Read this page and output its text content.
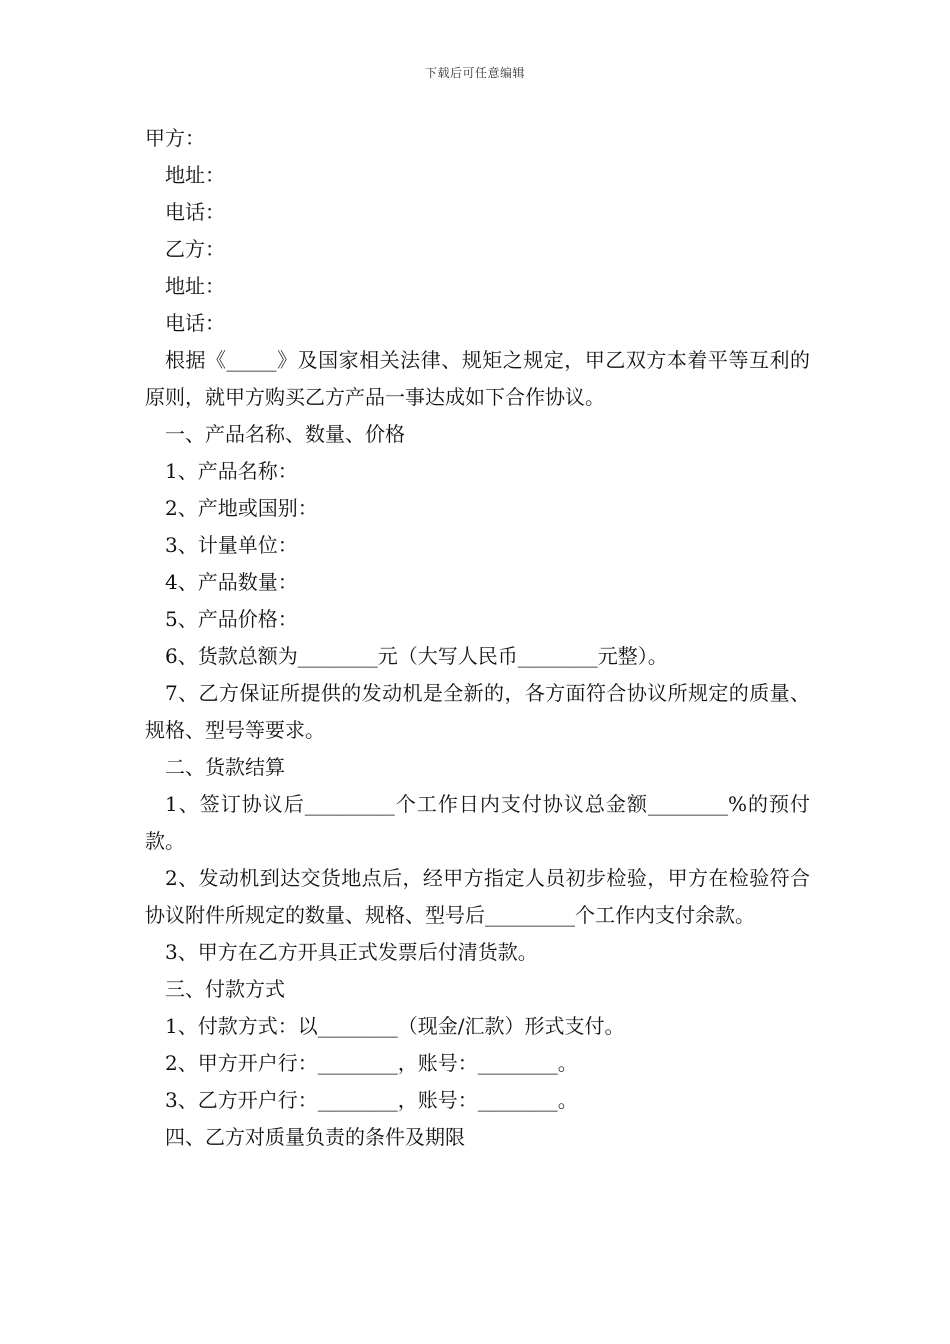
下载后可任意编辑

甲方：

地址：

电话：

乙方：

地址：

电话：

根据《_____》及国家相关法律、规矩之规定，甲乙双方本着平等互利的原则，就甲方购买乙方产品一事达成如下合作协议。

一、产品名称、数量、价格

1、产品名称：

2、产地或国别：

3、计量单位：

4、产品数量：

5、产品价格：

6、货款总额为________元（大写人民币________元整）。

7、乙方保证所提供的发动机是全新的，各方面符合协议所规定的质量、规格、型号等要求。

二、货款结算

1、签订协议后_________个工作日内支付协议总金额________%的预付款。

2、发动机到达交货地点后，经甲方指定人员初步检验，甲方在检验符合协议附件所规定的数量、规格、型号后_________个工作内支付余款。

3、甲方在乙方开具正式发票后付清货款。

三、付款方式

1、付款方式：以________（现金/汇款）形式支付。

2、甲方开户行：________，账号：________。

3、乙方开户行：________，账号：________。

四、乙方对质量负责的条件及期限
